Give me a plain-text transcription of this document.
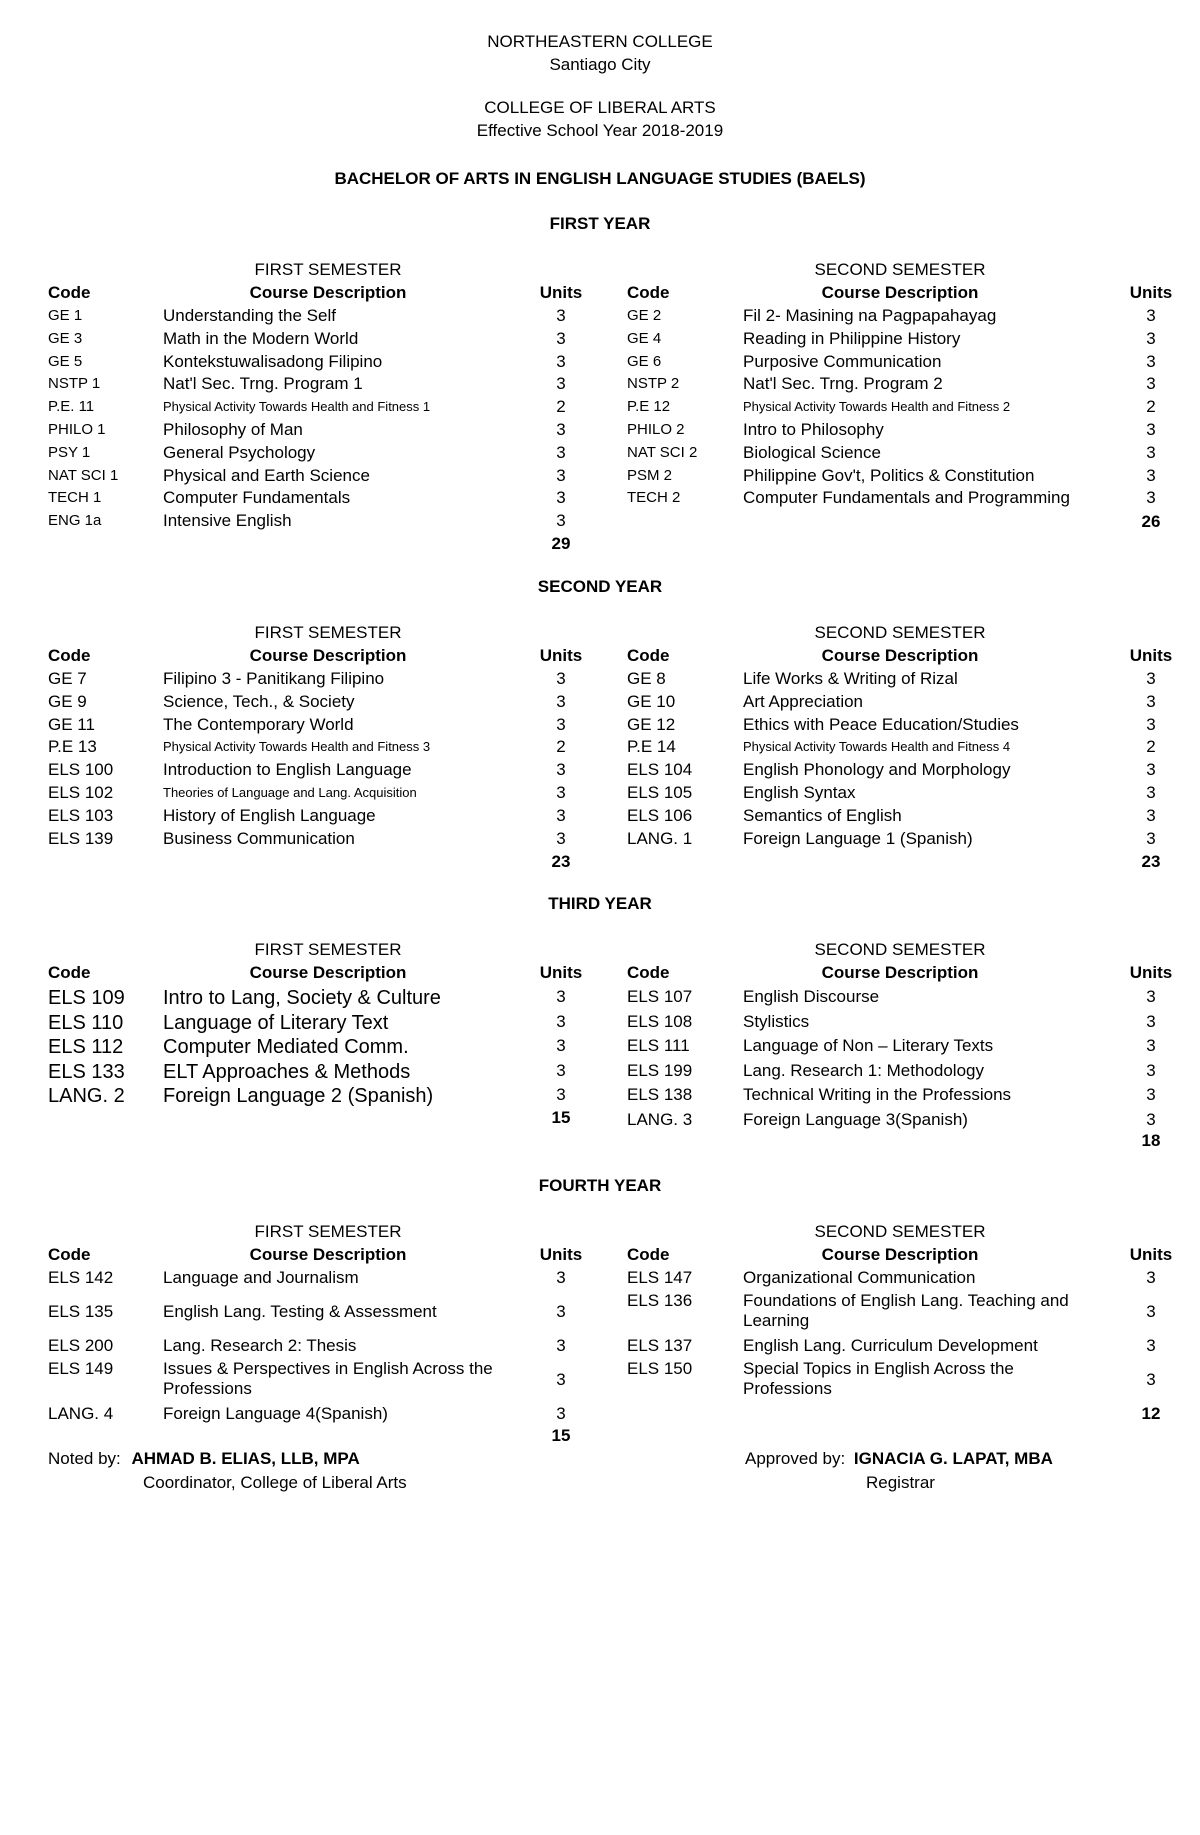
NORTHEASTERN COLLEGE
Santiago City
COLLEGE OF LIBERAL ARTS
Effective School Year 2018-2019
BACHELOR OF ARTS IN ENGLISH LANGUAGE STUDIES (BAELS)
FIRST YEAR
FIRST SEMESTER
Code	Course Description	Units
GE 1	Understanding the Self	3
GE 3	Math in the Modern World	3
GE 5	Kontekstuwalisadong Filipino	3
NSTP 1	Nat'l Sec. Trng. Program 1	3
P.E. 11	Physical Activity Towards Health and Fitness 1	2
PHILO 1	Philosophy of Man	3
PSY 1	General Psychology	3
NAT SCI 1	Physical and Earth Science	3
TECH 1	Computer Fundamentals	3
ENG 1a	Intensive English	3
29
SECOND SEMESTER
Code	Course Description	Units
GE 2	Fil 2- Masining na Pagpapahayag	3
GE 4	Reading in Philippine History	3
GE 6	Purposive Communication	3
NSTP 2	Nat'l Sec. Trng. Program 2	3
P.E 12	Physical Activity Towards Health and Fitness 2	2
PHILO 2	Intro to Philosophy	3
NAT SCI 2	Biological Science	3
PSM 2	Philippine Gov't, Politics & Constitution	3
TECH 2	Computer Fundamentals and Programming	3
26
SECOND YEAR
FIRST SEMESTER
Code	Course Description	Units
GE 7	Filipino 3 - Panitikang Filipino	3
GE 9	Science, Tech., & Society	3
GE 11	The Contemporary World	3
P.E 13	Physical Activity Towards Health and Fitness 3	2
ELS 100	Introduction to English Language	3
ELS 102	Theories of Language and Lang. Acquisition	3
ELS 103	History of English Language	3
ELS 139	Business Communication	3
23
SECOND SEMESTER
Code	Course Description	Units
GE 8	Life Works & Writing of Rizal	3
GE 10	Art Appreciation	3
GE 12	Ethics with Peace Education/Studies	3
P.E 14	Physical Activity Towards Health and Fitness 4	2
ELS 104	English Phonology and Morphology	3
ELS 105	English Syntax	3
ELS 106	Semantics of English	3
LANG. 1	Foreign Language 1 (Spanish)	3
23
THIRD YEAR
FIRST SEMESTER
Code	Course Description	Units
ELS 109 Intro to Lang, Society & Culture	3
ELS 110 Language of Literary Text	3
ELS 112 Computer Mediated Comm.	3
ELS 133 ELT Approaches & Methods	3
LANG. 2 Foreign Language 2 (Spanish)	3
15
SECOND SEMESTER
Code	Course Description	Units
ELS 107	English Discourse	3
ELS 108	Stylistics	3
ELS 111	Language of Non – Literary Texts	3
ELS 199	Lang. Research 1: Methodology	3
ELS 138	Technical Writing in the Professions	3
LANG. 3	Foreign Language 3(Spanish)	3
18
FOURTH YEAR
FIRST SEMESTER
Code	Course Description	Units
ELS 142	Language and Journalism	3
ELS 135	English Lang. Testing & Assessment	3
ELS 200	Lang. Research 2: Thesis	3
ELS 149	Issues & Perspectives in English Across the Professions	3
LANG. 4	Foreign Language 4(Spanish)	3
15
SECOND SEMESTER
Code	Course Description	Units
ELS 147	Organizational Communication	3
ELS 136	Foundations of English Lang. Teaching and Learning	3
ELS 137	English Lang. Curriculum Development	3
ELS 150	Special Topics in English Across the Professions	3
12
Noted by: AHMAD B. ELIAS, LLB, MPA
Coordinator, College of Liberal Arts
Approved by: IGNACIA G. LAPAT, MBA
Registrar
